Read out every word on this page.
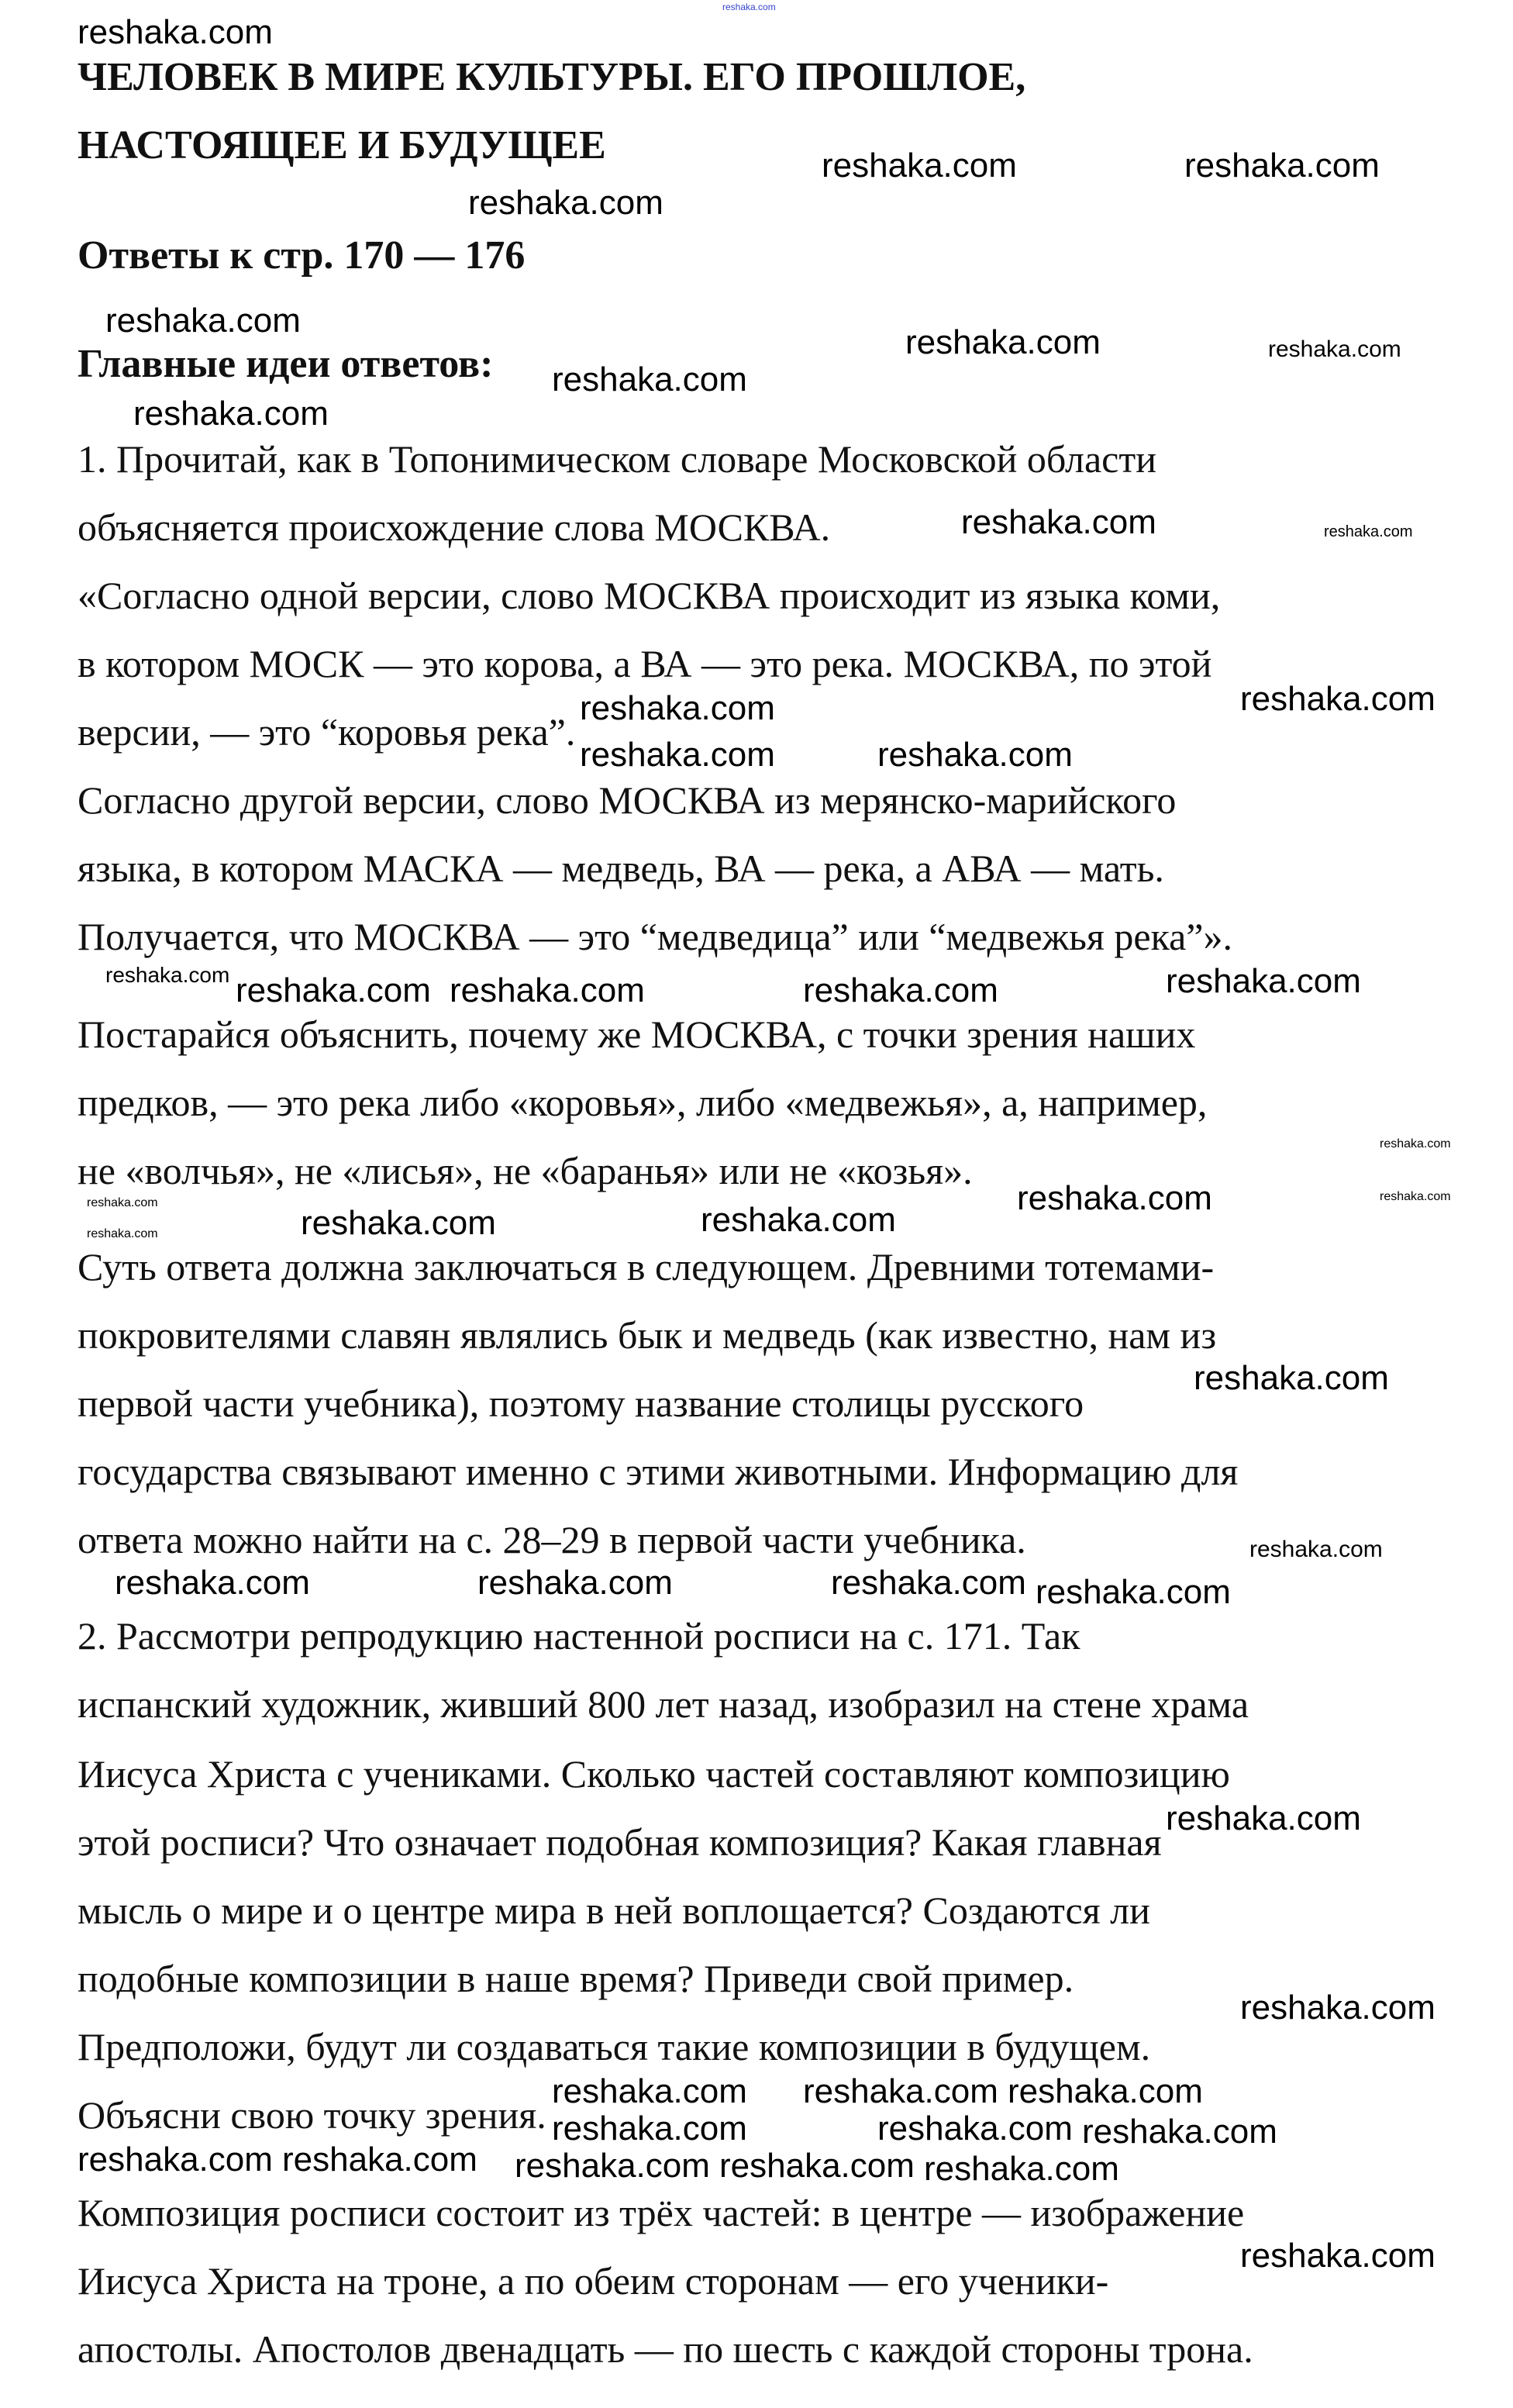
reshaka.com
ЧЕЛОВЕК В МИРЕ КУЛЬТУРЫ. ЕГО ПРОШЛОЕ,
НАСТОЯЩЕЕ И БУДУЩЕЕ
Ответы к стр. 170 — 176
Главные идеи ответов:
1. Прочитай, как в Топонимическом словаре Московской области
объясняется происхождение слова МОСКВА.
«Согласно одной версии, слово МОСКВА происходит из языка коми,
в котором МОСК — это корова, а ВА — это река. МОСКВА, по этой
версии, — это “коровья река”.
Согласно другой версии, слово МОСКВА из мерянско-марийского
языка, в котором МАСКА — медведь, ВА — река, а АВА — мать.
Получается, что МОСКВА — это “медведица” или “медвежья река”».
Постарайся объяснить, почему же МОСКВА, с точки зрения наших
предков, — это река либо «коровья», либо «медвежья», а, например,
не «волчья», не «лисья», не «баранья» или не «козья».
Суть ответа должна заключаться в следующем. Древними тотемами-
покровителями славян являлись бык и медведь (как известно, нам из
первой части учебника), поэтому название столицы русского
государства связывают именно с этими животными. Информацию для
ответа можно найти на с. 28–29 в первой части учебника.
2. Рассмотри репродукцию настенной росписи на с. 171. Так
испанский художник, живший 800 лет назад, изобразил на стене храма
Иисуса Христа с учениками. Сколько частей составляют композицию
этой росписи? Что означает подобная композиция? Какая главная
мысль о мире и о центре мира в ней воплощается? Создаются ли
подобные композиции в наше время? Приведи свой пример.
Предположи, будут ли создаваться такие композиции в будущем.
Объясни свою точку зрения.
Композиция росписи состоит из трёх частей: в центре — изображение
Иисуса Христа на троне, а по обеим сторонам — его ученики-
апостолы. Апостолов двенадцать — по шесть с каждой стороны трона.
reshaka.com
reshaka.com	reshaka.com
reshaka.com
reshaka.com
reshaka.com
reshaka.com
reshaka.com
reshaka.com	reshaka.com
reshaka.com
reshaka.com	reshaka.com
reshaka.com	reshaka.com
reshaka.com	reshaka.com
reshaka.com reshaka.com	reshaka.com
reshaka.com
reshaka.com	reshaka.com	reshaka.com
reshaka.com
reshaka.com	reshaka.com
reshaka.com
reshaka.com	reshaka.com	reshaka.com
reshaka.com
reshaka.com
reshaka.com
reshaka.com
reshaka.com
reshaka.com
reshaka.com
reshaka.com
reshaka.com
reshaka.com
reshaka.com reshaka.com reshaka.com
reshaka.com
reshaka.com
reshaka.com
